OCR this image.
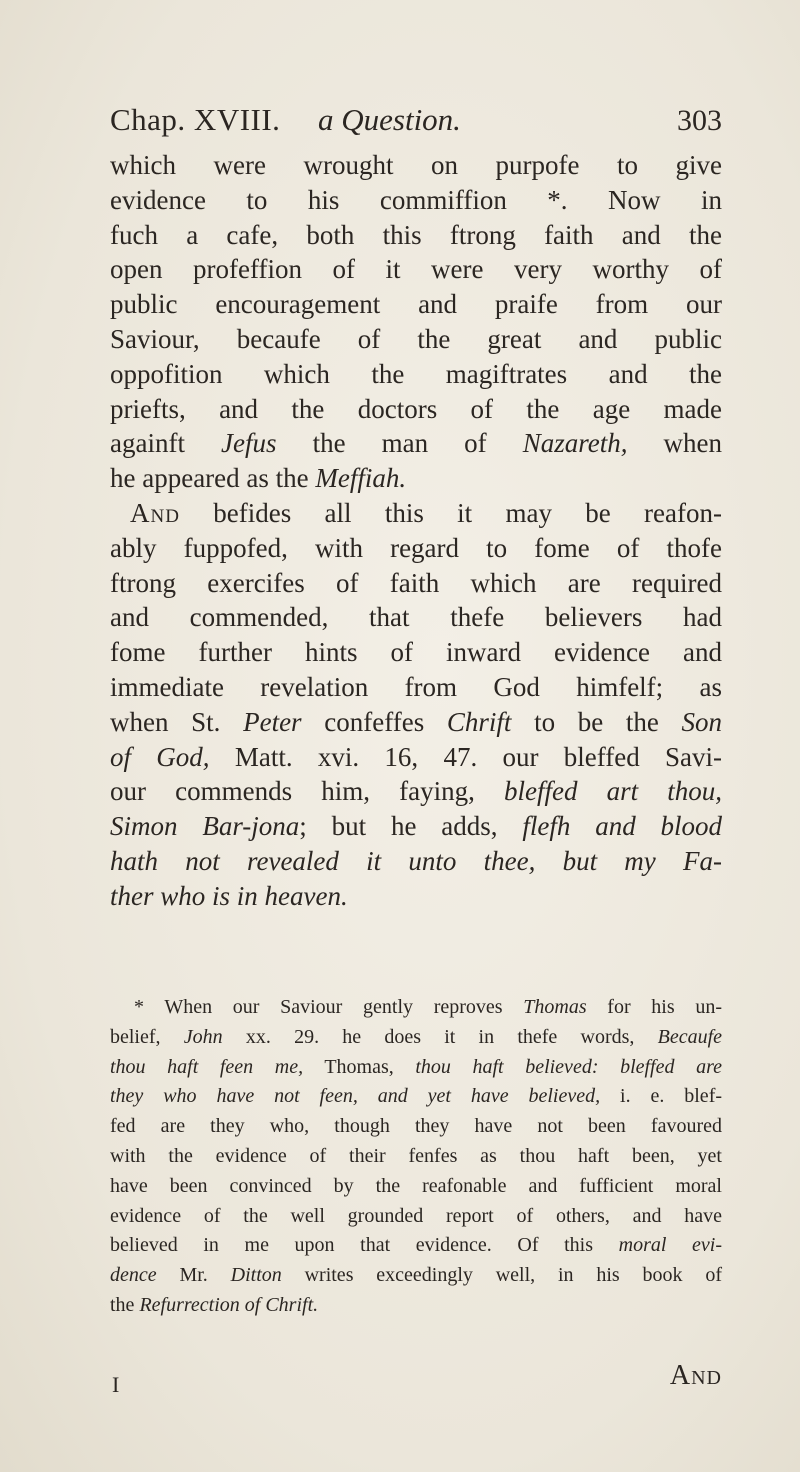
Chap. XVIII. a Question.	303
which were wrought on purpofe to give
evidence to his commiffion *. Now in
fuch a cafe, both this ftrong faith and the
open profeffion of it were very worthy of
public encouragement and praife from our
Saviour, becaufe of the great and public
oppofition which the magiftrates and the
priefts, and the doctors of the age made
againft Jefus the man of Nazareth, when
he appeared as the Meffiah.
And befides all this it may be reafon-
ably fuppofed, with regard to fome of thofe
ftrong exercifes of faith which are required
and commended, that thefe believers had
fome further hints of inward evidence and
immediate revelation from God himfelf; as
when St. Peter confeffes Chrift to be the Son
of God, Matt. xvi. 16, 47. our bleffed Savi-
our commends him, faying, bleffed art thou,
Simon Bar-jona; but he adds, flefh and blood
hath not revealed it unto thee, but my Fa-
ther who is in heaven.
* When our Saviour gently reproves Thomas for his un-
belief, John xx. 29. he does it in thefe words, Becaufe
thou haft feen me, Thomas, thou haft believed: bleffed are
they who have not feen, and yet have believed, i. e. blef-
fed are they who, though they have not been favoured
with the evidence of their fenfes as thou haft been, yet
have been convinced by the reafonable and fufficient moral
evidence of the well grounded report of others, and have
believed in me upon that evidence. Of this moral evi-
dence Mr. Ditton writes exceedingly well, in his book of
the Refurrection of Chrift.
I	And
